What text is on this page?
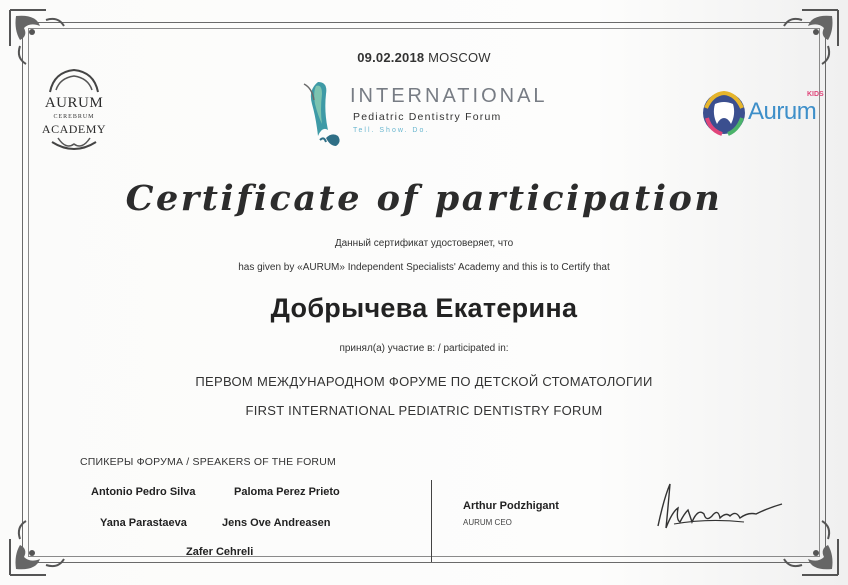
09.02.2018 MOSCOW
AURUM
CEREBRUM
ACADEMY
INTERNATIONAL
Pediatric Dentistry Forum
Tell. Show. Do.
KIDS
Aurum
Certificate of participation
Данный сертификат удостоверяет, что
has given by «AURUM» Independent Specialists' Academy and this is to Certify that
Добрычева Екатерина
принял(а) участие в: / participated in:
ПЕРВОМ МЕЖДУНАРОДНОМ ФОРУМЕ ПО ДЕТСКОЙ СТОМАТОЛОГИИ
FIRST INTERNATIONAL PEDIATRIC DENTISTRY FORUM
СПИКЕРЫ ФОРУМА / SPEAKERS OF THE FORUM
Antonio Pedro Silva	Paloma Perez Prieto
Yana Parastaeva	Jens Ove Andreasen
Zafer Cehreli
Arthur Podzhigant
AURUM CEO
